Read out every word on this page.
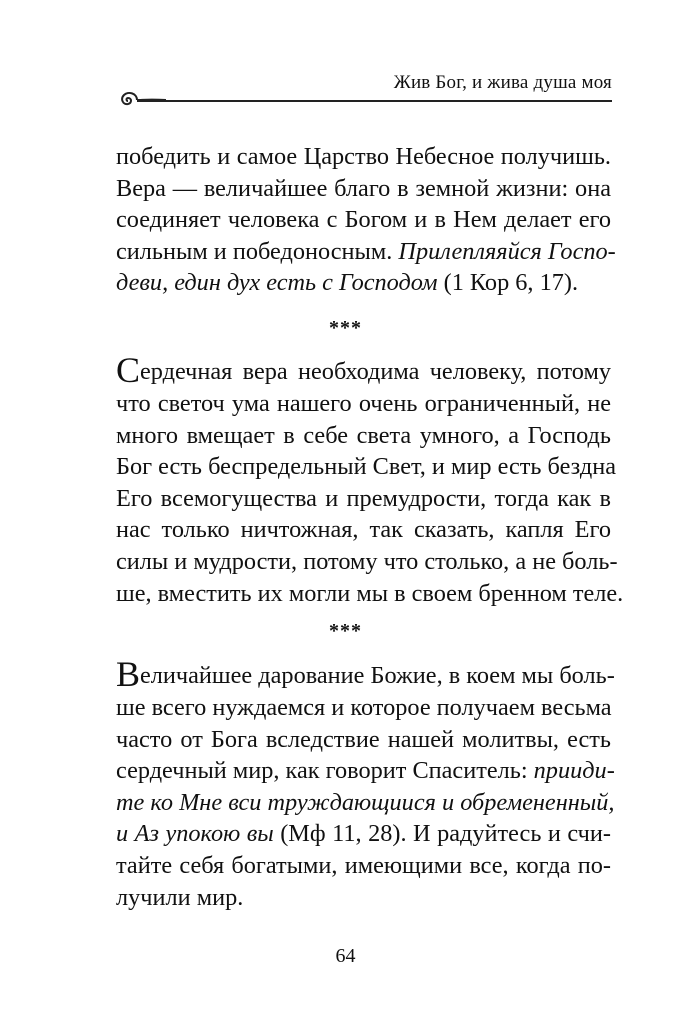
Жив Бог, и жива душа моя
победить и самое Царство Небесное получишь.
Вера — величайшее благо в земной жизни: она
соединяет человека с Богом и в Нем делает его
сильным и победоносным. Прилепляяйся Госпо-
деви, един дух есть с Господом (1 Кор 6, 17).
***
Сердечная вера необходима человеку, потому
что светоч ума нашего очень ограниченный, не
много вмещает в себе света умного, а Господь
Бог есть беспредельный Свет, и мир есть бездна
Его всемогущества и премудрости, тогда как в
нас только ничтожная, так сказать, капля Его
силы и мудрости, потому что столько, а не боль-
ше, вместить их могли мы в своем бренном теле.
***
Величайшее дарование Божие, в коем мы боль-
ше всего нуждаемся и которое получаем весьма
часто от Бога вследствие нашей молитвы, есть
сердечный мир, как говорит Спаситель: прииди-
те ко Мне вси труждающиися и обремененный,
и Аз упокою вы (Мф 11, 28). И радуйтесь и счи-
тайте себя богатыми, имеющими все, когда по-
лучили мир.
64
